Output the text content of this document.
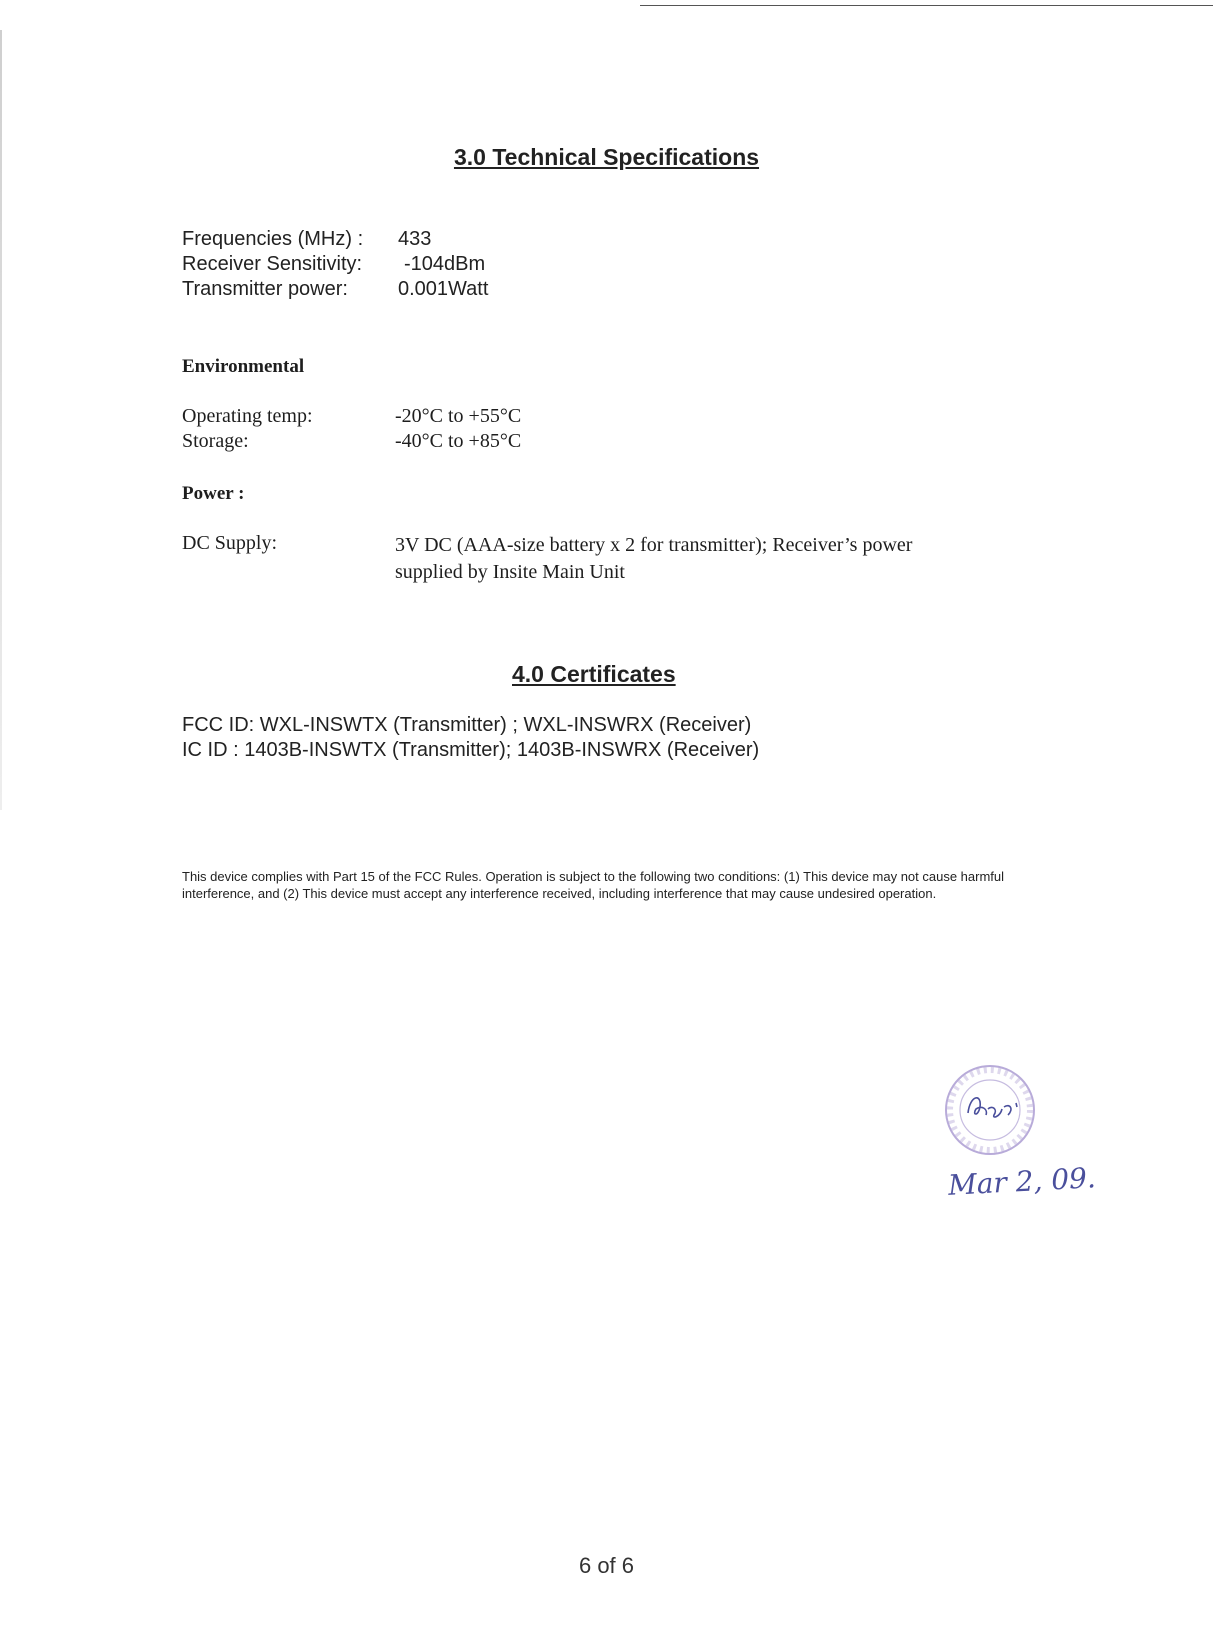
3.0 Technical Specifications
Frequencies (MHz) : 433
Receiver Sensitivity: -104dBm
Transmitter power:	0.001Watt
Environmental
Operating temp:	-20°C to +55°C
Storage:	-40°C to +85°C
Power :
DC Supply:	3V DC (AAA-size battery x 2 for transmitter); Receiver’s power
supplied by Insite Main Unit
4.0 Certificates
FCC ID: WXL-INSWTX (Transmitter) ; WXL-INSWRX (Receiver)
IC ID : 1403B-INSWTX (Transmitter); 1403B-INSWRX (Receiver)
This device complies with Part 15 of the FCC Rules. Operation is subject to the following two conditions: (1) This device may not cause harmful interference, and (2) This device must accept any interference received, including interference that may cause undesired operation.
Mar 2, 09.
6 of 6
